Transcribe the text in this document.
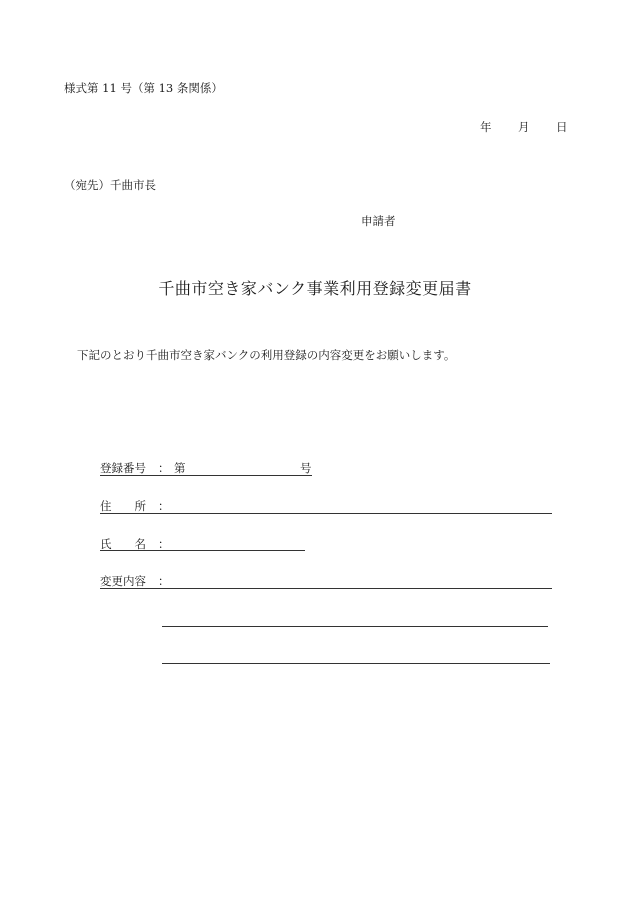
様式第 11 号（第 13 条関係）
年 月 日
（宛先）千曲市長
申請者
千曲市空き家バンク事業利用登録変更届書
下記のとおり千曲市空き家バンクの利用登録の内容変更をお願いします。
登録番号 ： 第	号
住　　所 ：
氏　　名 ：
変更内容 ：
